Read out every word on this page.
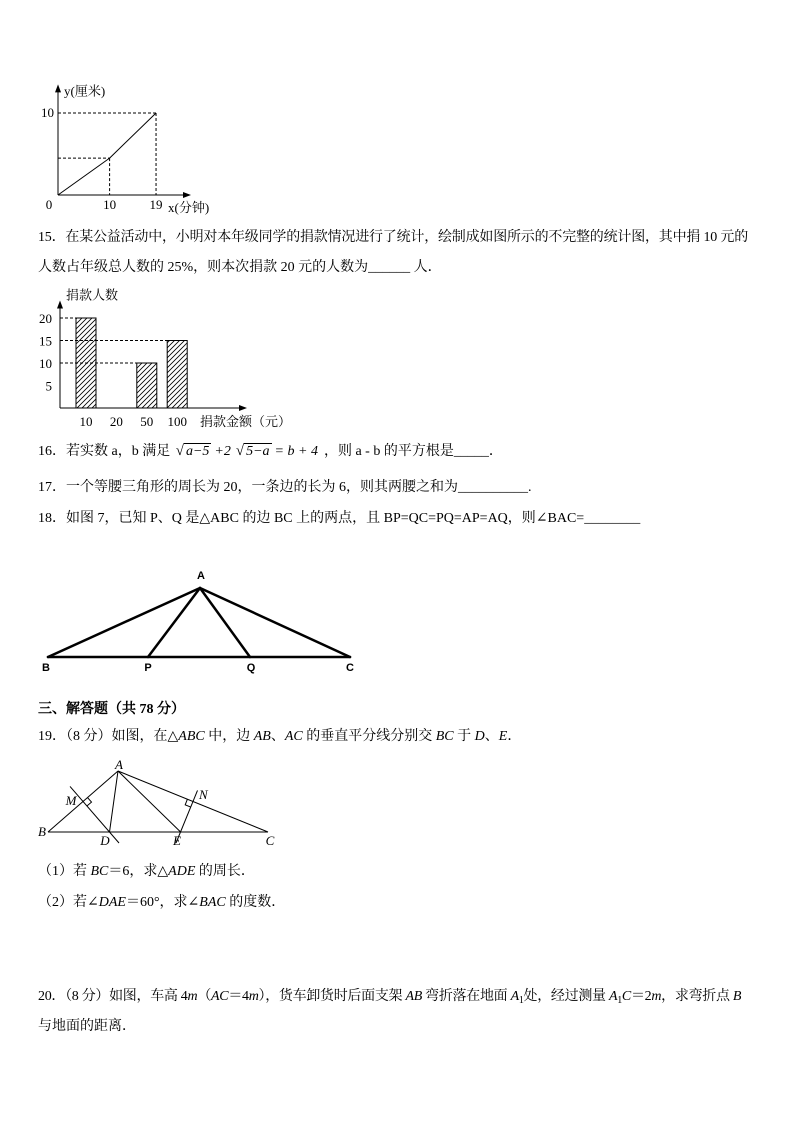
10	19
10
0	x(分钟)
y(厘米)
15．在某公益活动中，小明对本年级同学的捐款情况进行了统计，绘制成如图所示的不完整的统计图，其中捐 10 元的
人数占年级总人数的 25%，则本次捐款 20 元的人数为______ 人．
5
10
15
20
10 20 50 100 捐款金额（元）
捐款人数
16．若实数 a，b 满足 √ a−5 +2 √ 5−a = b + 4 ，则 a - b 的平方根是_____．
17．一个等腰三角形的周长为 20，一条边的长为 6，则其两腰之和为__________.
18．如图 7，已知 P、Q 是△ABC 的边 BC 上的两点，且 BP=QC=PQ=AP=AQ，则∠BAC=________
A
B	P	Q	C
三、解答题（共 78 分）
19．（8 分）如图，在△ABC 中，边 AB、AC 的垂直平分线分别交 BC 于 D、E．
A
M	N
B
D	E	C
（1）若 BC＝6，求△ADE 的周长．
（2）若∠DAE＝60°，求∠BAC 的度数．
20．（8 分）如图，车高 4m（AC＝4m），货车卸货时后面支架 AB 弯折落在地面 $A_1$处，经过测量 $A_1C=2m$，求弯折点 B
与地面的距离．
